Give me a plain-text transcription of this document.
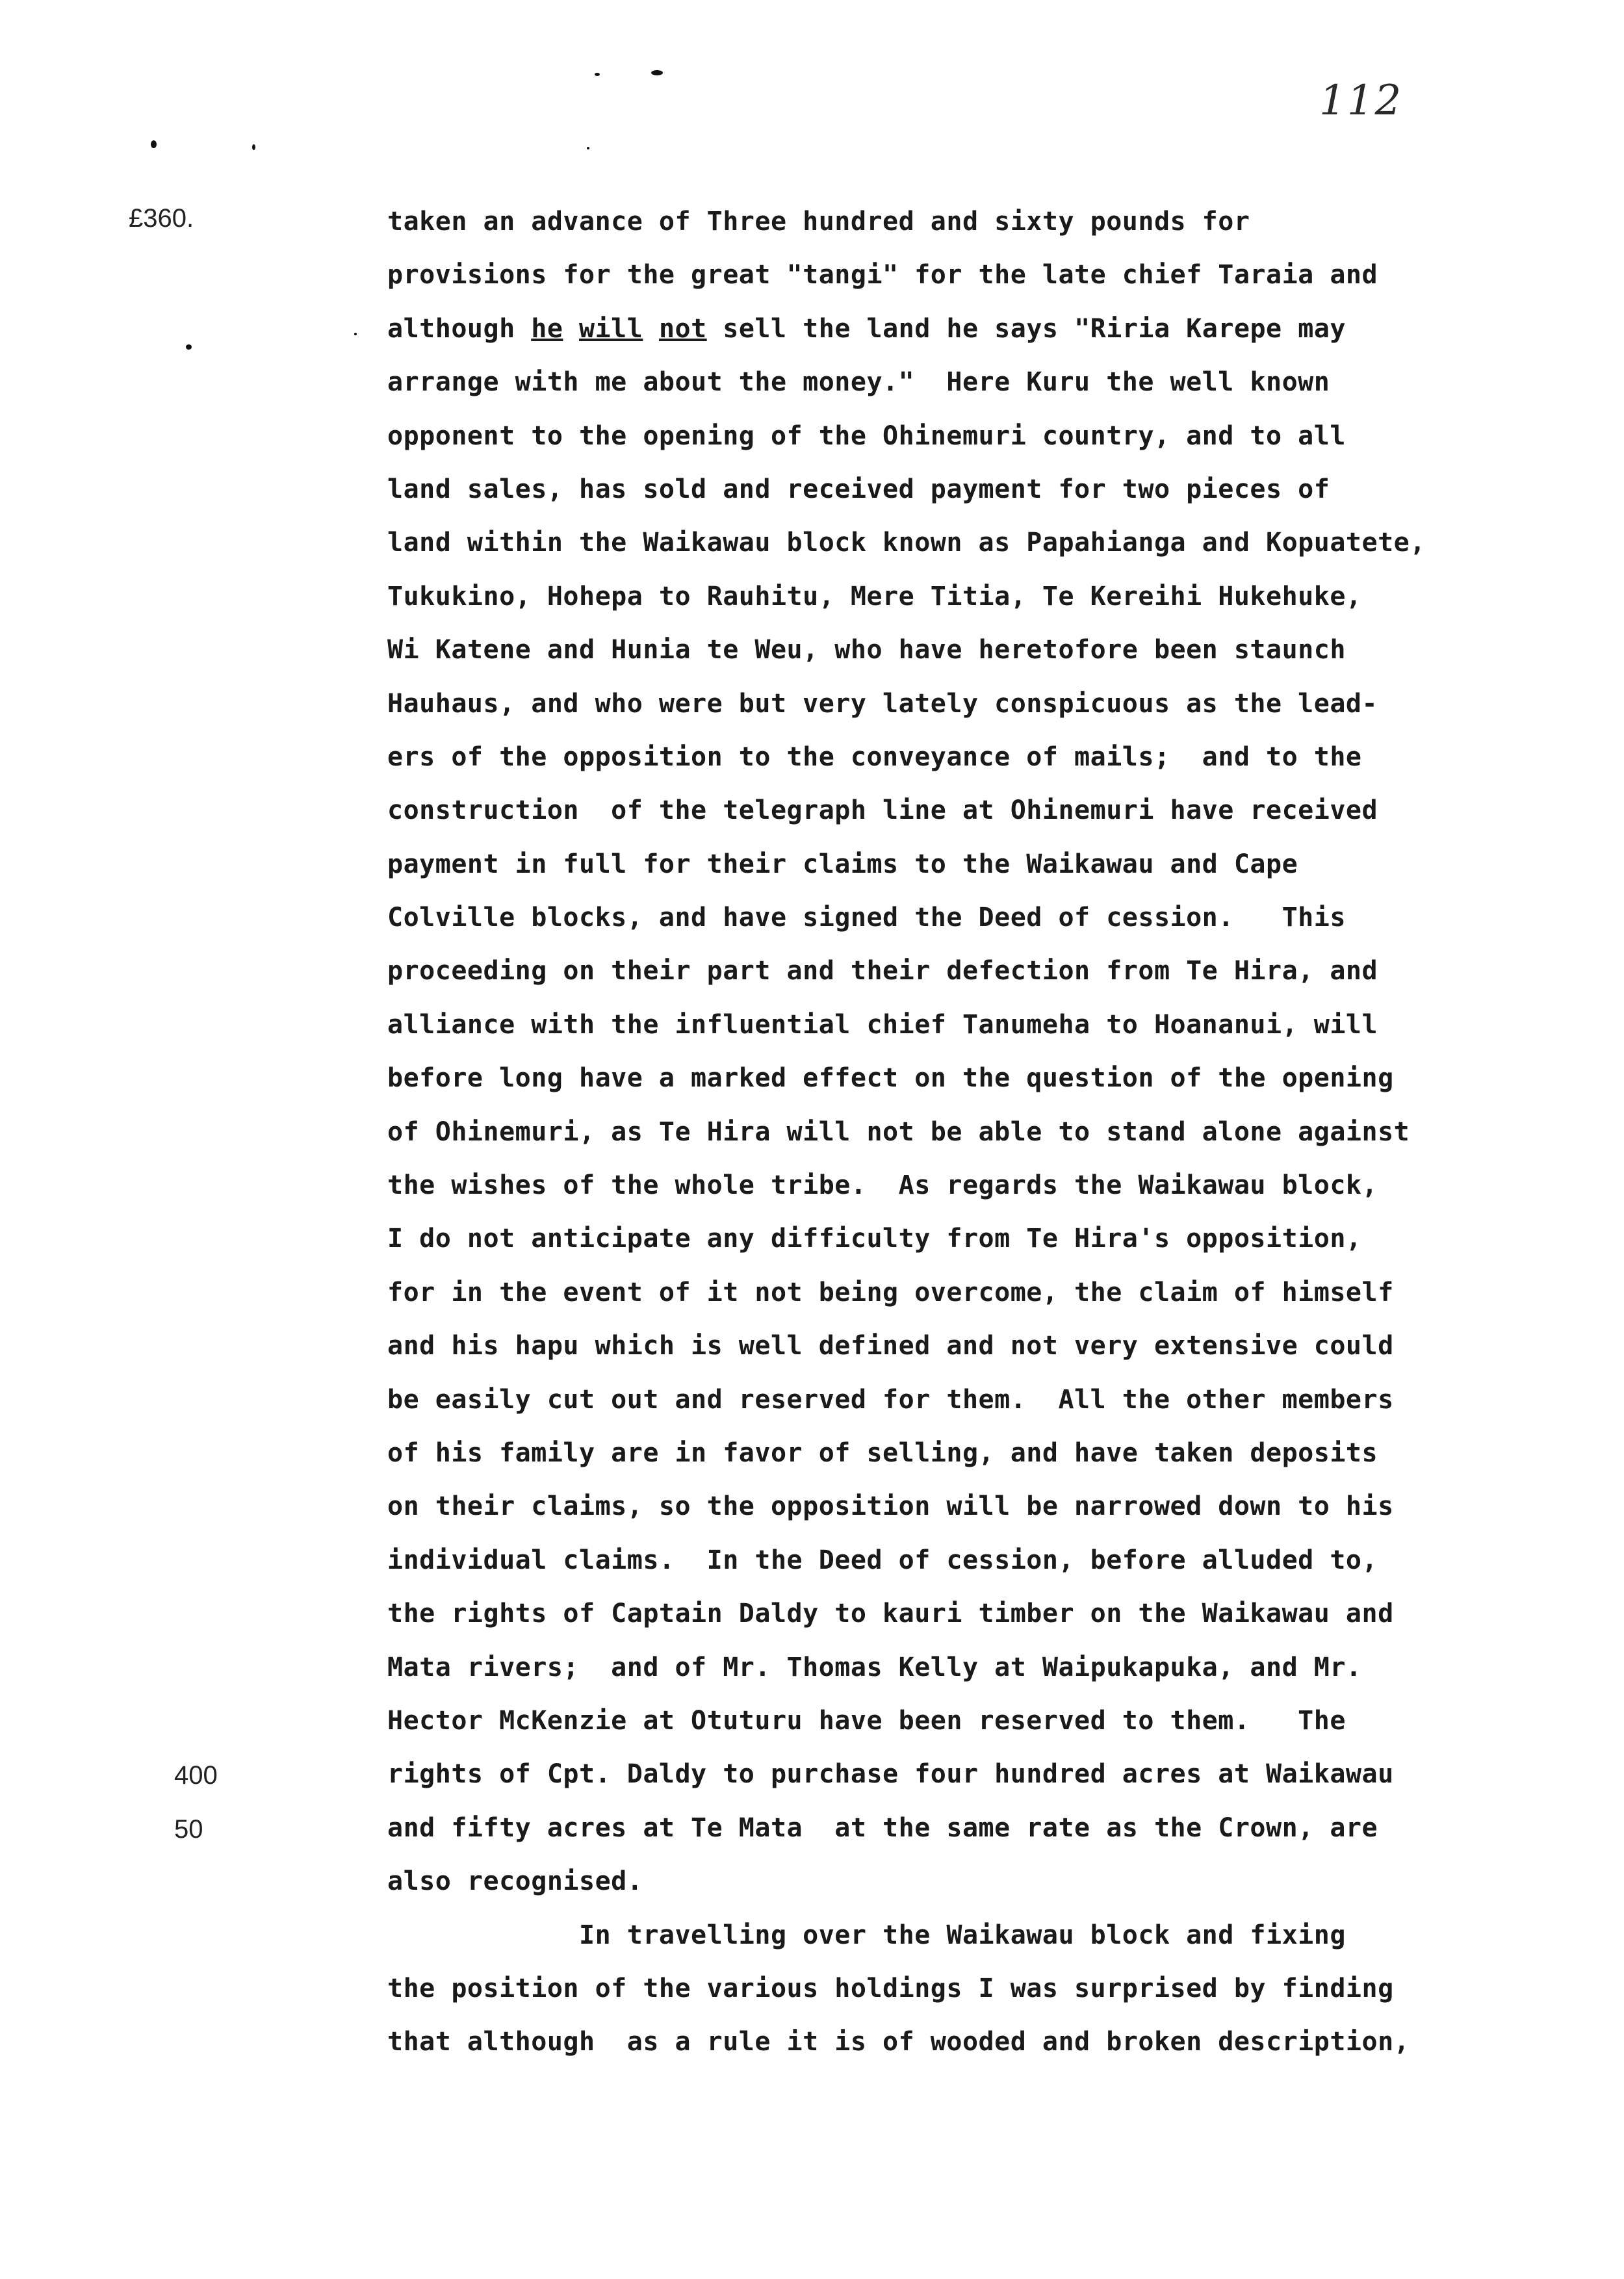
112
£360.
400
50
taken an advance of Three hundred and sixty pounds for
provisions for the great "tangi" for the late chief Taraia and
although he will not sell the land he says "Riria Karepe may
arrange with me about the money."  Here Kuru the well known
opponent to the opening of the Ohinemuri country, and to all
land sales, has sold and received payment for two pieces of
land within the Waikawau block known as Papahianga and Kopuatete,
Tukukino, Hohepa to Rauhitu, Mere Titia, Te Kereihi Hukehuke,
Wi Katene and Hunia te Weu, who have heretofore been staunch
Hauhaus, and who were but very lately conspicuous as the lead-
ers of the opposition to the conveyance of mails;  and to the
construction  of the telegraph line at Ohinemuri have received
payment in full for their claims to the Waikawau and Cape
Colville blocks, and have signed the Deed of cession.   This
proceeding on their part and their defection from Te Hira, and
alliance with the influential chief Tanumeha to Hoananui, will
before long have a marked effect on the question of the opening
of Ohinemuri, as Te Hira will not be able to stand alone against
the wishes of the whole tribe.  As regards the Waikawau block,
I do not anticipate any difficulty from Te Hira's opposition,
for in the event of it not being overcome, the claim of himself
and his hapu which is well defined and not very extensive could
be easily cut out and reserved for them.  All the other members
of his family are in favor of selling, and have taken deposits
on their claims, so the opposition will be narrowed down to his
individual claims.  In the Deed of cession, before alluded to,
the rights of Captain Daldy to kauri timber on the Waikawau and
Mata rivers;  and of Mr. Thomas Kelly at Waipukapuka, and Mr.
Hector McKenzie at Otuturu have been reserved to them.   The
rights of Cpt. Daldy to purchase four hundred acres at Waikawau
and fifty acres at Te Mata  at the same rate as the Crown, are
also recognised.
In travelling over the Waikawau block and fixing
the position of the various holdings I was surprised by finding
that although  as a rule it is of wooded and broken description,
